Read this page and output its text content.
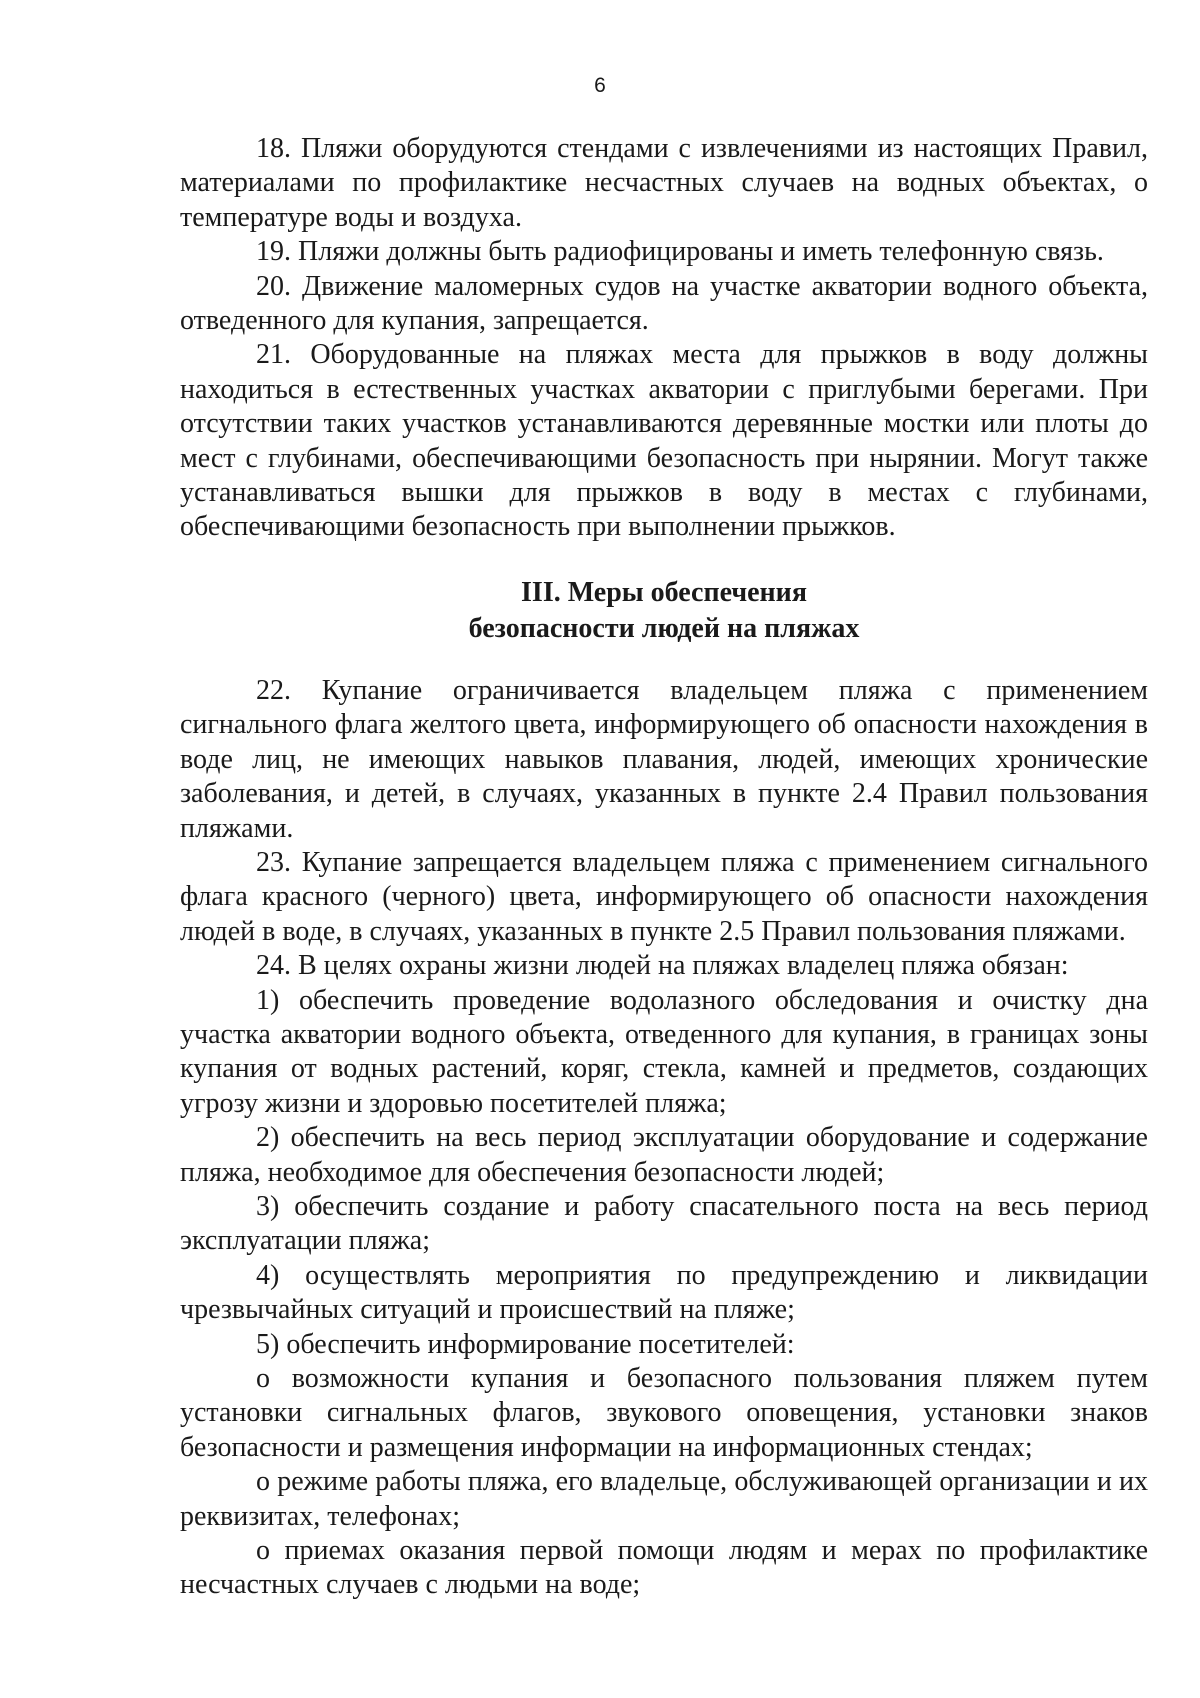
6

18. Пляжи оборудуются стендами с извлечениями из настоящих Правил, материалами по профилактике несчастных случаев на водных объектах, о температуре воды и воздуха.

19. Пляжи должны быть радиофицированы и иметь телефонную связь.

20. Движение маломерных судов на участке акватории водного объекта, отведенного для купания, запрещается.

21. Оборудованные на пляжах места для прыжков в воду должны находиться в естественных участках акватории с приглубыми берегами. При отсутствии таких участков устанавливаются деревянные мостки или плоты до мест с глубинами, обеспечивающими безопасность при нырянии. Могут также устанавливаться вышки для прыжков в воду в местах с глубинами, обеспечивающими безопасность при выполнении прыжков.

III. Меры обеспечения
безопасности людей на пляжах

22. Купание ограничивается владельцем пляжа с применением сигнального флага желтого цвета, информирующего об опасности нахождения в воде лиц, не имеющих навыков плавания, людей, имеющих хронические заболевания, и детей, в случаях, указанных в пункте 2.4 Правил пользования пляжами.

23. Купание запрещается владельцем пляжа с применением сигнального флага красного (черного) цвета, информирующего об опасности нахождения людей в воде, в случаях, указанных в пункте 2.5 Правил пользования пляжами.

24. В целях охраны жизни людей на пляжах владелец пляжа обязан:

1) обеспечить проведение водолазного обследования и очистку дна участка акватории водного объекта, отведенного для купания, в границах зоны купания от водных растений, коряг, стекла, камней и предметов, создающих угрозу жизни и здоровью посетителей пляжа;

2) обеспечить на весь период эксплуатации оборудование и содержание пляжа, необходимое для обеспечения безопасности людей;

3) обеспечить создание и работу спасательного поста на весь период эксплуатации пляжа;

4) осуществлять мероприятия по предупреждению и ликвидации чрезвычайных ситуаций и происшествий на пляже;

5) обеспечить информирование посетителей:

о возможности купания и безопасного пользования пляжем путем установки сигнальных флагов, звукового оповещения, установки знаков безопасности и размещения информации на информационных стендах;

о режиме работы пляжа, его владельце, обслуживающей организации и их реквизитах, телефонах;

о приемах оказания первой помощи людям и мерах по профилактике несчастных случаев с людьми на воде;
